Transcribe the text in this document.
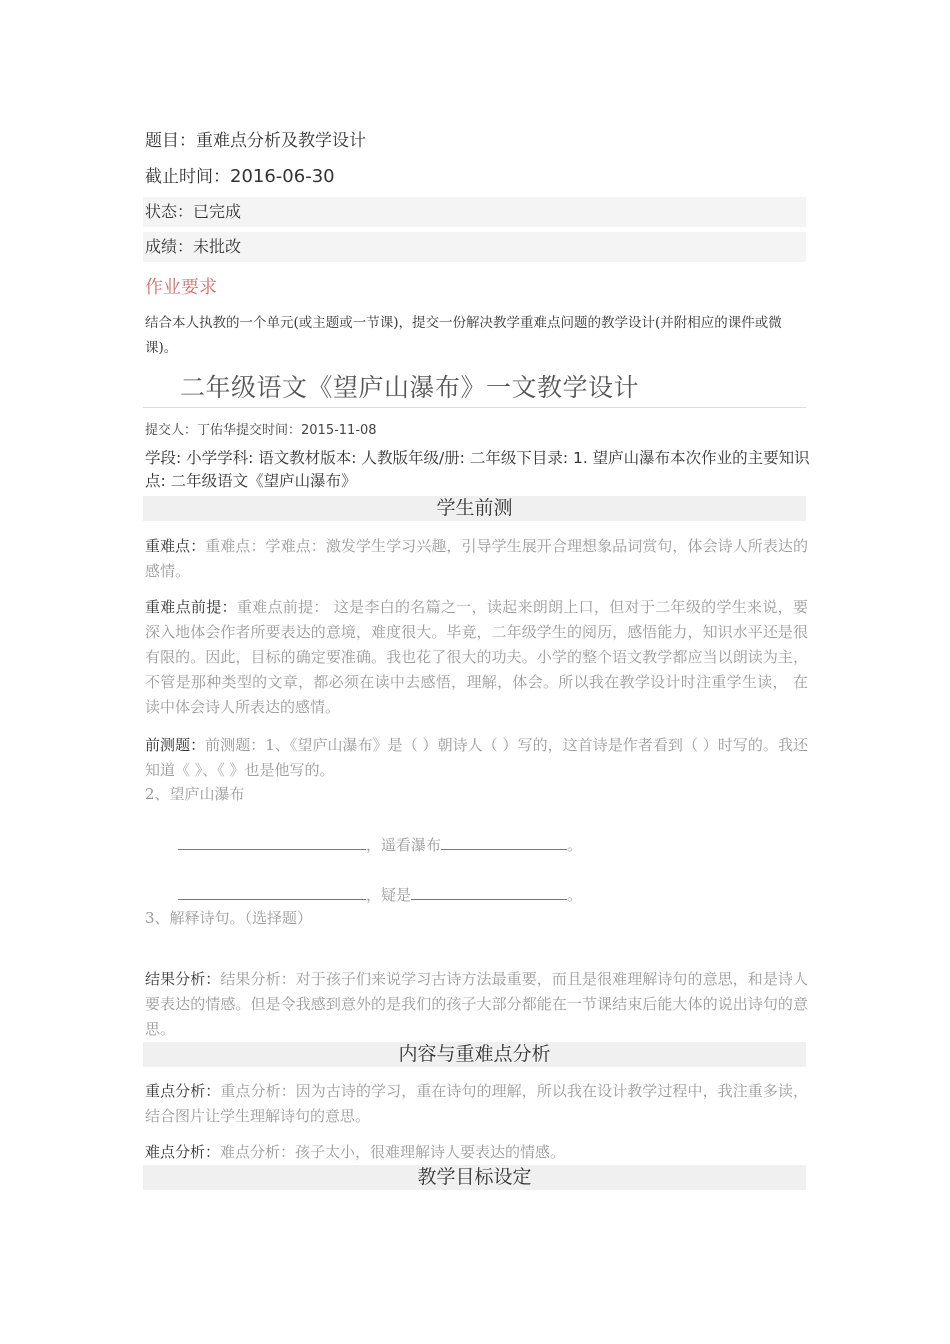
题目：重难点分析及教学设计
截止时间：2016-06-30
状态：已完成
成绩：未批改
作业要求
结合本人执教的一个单元(或主题或一节课)，提交一份解决教学重难点问题的教学设计(并附相应的课件或微课)。
二年级语文《望庐山瀑布》一文教学设计
提交人：丁佑华提交时间：2015-11-08
学段: 小学学科: 语文教材版本: 人教版年级/册: 二年级下目录: 1. 望庐山瀑布本次作业的主要知识点: 二年级语文《望庐山瀑布》
学生前测
重难点：重难点：学难点：激发学生学习兴趣，引导学生展开合理想象品词赏句，体会诗人所表达的感情。
重难点前提：重难点前提： 这是李白的名篇之一，读起来朗朗上口，但对于二年级的学生来说，要深入地体会作者所要表达的意境，难度很大。毕竟，二年级学生的阅历，感悟能力，知识水平还是很有限的。因此，目标的确定要准确。我也花了很大的功夫。小学的整个语文教学都应当以朗读为主，不管是那种类型的文章，都必须在读中去感悟，理解，体会。所以我在教学设计时注重学生读， 在读中体会诗人所表达的感情。
前测题：前测题：1、《望庐山瀑布》是（ ）朝诗人（ ）写的，这首诗是作者看到（ ）时写的。我还知道《 》、《 》也是他写的。
2、望庐山瀑布
，遥看瀑布	。
，疑是	。
3、解释诗句。（选择题）
结果分析：结果分析：对于孩子们来说学习古诗方法最重要，而且是很难理解诗句的意思，和是诗人要表达的情感。但是令我感到意外的是我们的孩子大部分都能在一节课结束后能大体的说出诗句的意思。
内容与重难点分析
重点分析：重点分析：因为古诗的学习，重在诗句的理解，所以我在设计教学过程中，我注重多读，结合图片让学生理解诗句的意思。
难点分析：难点分析：孩子太小，很难理解诗人要表达的情感。
教学目标设定
